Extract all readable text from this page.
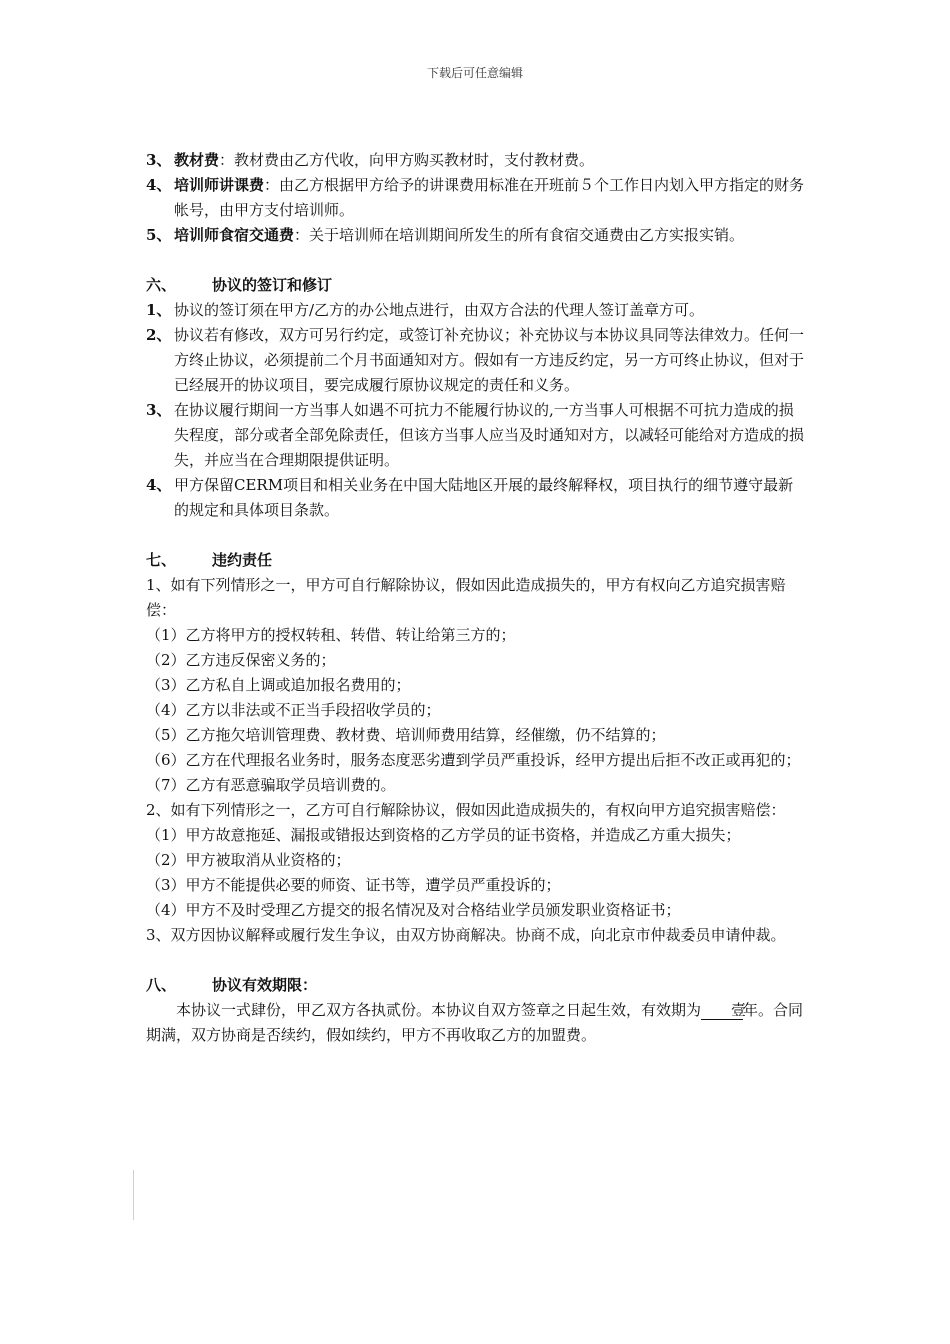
下载后可任意编辑
3、 教材费：教材费由乙方代收，向甲方购买教材时，支付教材费。
4、 培训师讲课费：由乙方根据甲方给予的讲课费用标准在开班前５个工作日内划入甲方指定的财务帐号，由甲方支付培训师。
5、 培训师食宿交通费：关于培训师在培训期间所发生的所有食宿交通费由乙方实报实销。
六、 协议的签订和修订
1、 协议的签订须在甲方/乙方的办公地点进行，由双方合法的代理人签订盖章方可。
2、 协议若有修改，双方可另行约定，或签订补充协议；补充协议与本协议具同等法律效力。任何一方终止协议，必须提前二个月书面通知对方。假如有一方违反约定，另一方可终止协议，但对于已经展开的协议项目，要完成履行原协议规定的责任和义务。
3、 在协议履行期间一方当事人如遇不可抗力不能履行协议的,一方当事人可根据不可抗力造成的损失程度，部分或者全部免除责任，但该方当事人应当及时通知对方，以减轻可能给对方造成的损失，并应当在合理期限提供证明。
4、 甲方保留CERM项目和相关业务在中国大陆地区开展的最终解释权，项目执行的细节遵守最新的规定和具体项目条款。
七、 违约责任
1、如有下列情形之一，甲方可自行解除协议，假如因此造成损失的，甲方有权向乙方追究损害赔偿：
（1）乙方将甲方的授权转租、转借、转让给第三方的；
（2）乙方违反保密义务的；
（3）乙方私自上调或追加报名费用的；
（4）乙方以非法或不正当手段招收学员的；
（5）乙方拖欠培训管理费、教材费、培训师费用结算，经催缴，仍不结算的；
（6）乙方在代理报名业务时，服务态度恶劣遭到学员严重投诉，经甲方提出后拒不改正或再犯的；
（7）乙方有恶意骗取学员培训费的。
2、如有下列情形之一，乙方可自行解除协议，假如因此造成损失的，有权向甲方追究损害赔偿：
（1）甲方故意拖延、漏报或错报达到资格的乙方学员的证书资格，并造成乙方重大损失；
（2）甲方被取消从业资格的；
（3）甲方不能提供必要的师资、证书等，遭学员严重投诉的；
（4）甲方不及时受理乙方提交的报名情况及对合格结业学员颁发职业资格证书；
3、双方因协议解释或履行发生争议，由双方协商解决。协商不成，向北京市仲裁委员申请仲裁。
八、 协议有效期限：
本协议一式肆份，甲乙双方各执贰份。本协议自双方签章之日起生效，有效期为 壹年。合同期满，双方协商是否续约，假如续约，甲方不再收取乙方的加盟费。
